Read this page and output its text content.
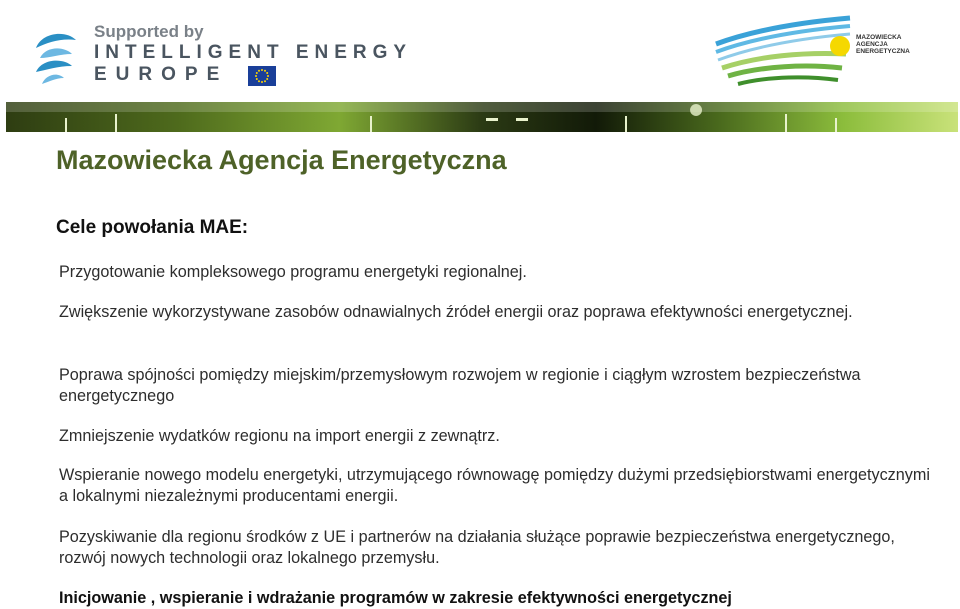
Supported by
INTELLIGENT ENERGY
EUROPE
MAZOWIECKA
AGENCJA
ENERGETYCZNA
Mazowiecka Agencja Energetyczna
Cele powołania MAE:

Przygotowanie kompleksowego programu energetyki regionalnej.

Zwiększenie wykorzystywane zasobów odnawialnych źródeł energii oraz poprawa efektywności energetycznej.

Poprawa spójności pomiędzy miejskim/przemysłowym rozwojem w regionie i ciągłym wzrostem bezpieczeństwa energetycznego

Zmniejszenie wydatków regionu na import energii z zewnątrz.

Wspieranie nowego modelu energetyki, utrzymującego równowagę pomiędzy dużymi przedsiębiorstwami energetycznymi a lokalnymi niezależnymi producentami energii.

Pozyskiwanie dla regionu środków z UE i partnerów na działania służące poprawie bezpieczeństwa energetycznego, rozwój nowych technologii oraz lokalnego przemysłu.

Inicjowanie , wspieranie i wdrażanie programów w zakresie efektywności energetycznej
